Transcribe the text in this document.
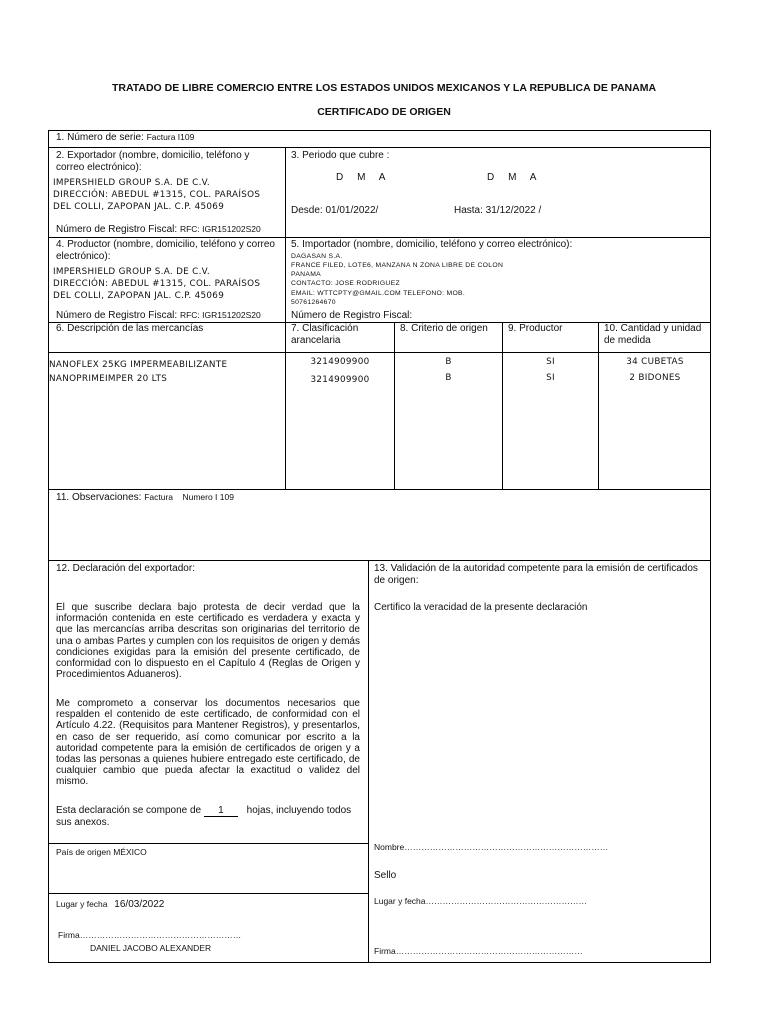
TRATADO DE LIBRE COMERCIO ENTRE LOS ESTADOS UNIDOS MEXICANOS Y LA REPUBLICA DE PANAMA
CERTIFICADO DE ORIGEN
1. Número de serie: Factura I109
2. Exportador (nombre, domicilio, teléfono y
correo electrónico):
IMPERSHIELD GROUP S.A. DE C.V.
DIRECCIÓN: ABEDUL #1315, COL. PARAÍSOS
DEL COLLI, ZAPOPAN JAL. C.P. 45069
Número de Registro Fiscal: RFC: IGR151202S20
3. Periodo que cubre :
D     M     A	D     M     A
Desde: 01/01/2022/	Hasta: 31/12/2022 /
4. Productor (nombre, domicilio, teléfono y correo
electrónico):
IMPERSHIELD GROUP S.A. DE C.V.
DIRECCIÓN: ABEDUL #1315, COL. PARAÍSOS
DEL COLLI, ZAPOPAN JAL. C.P. 45069
Número de Registro Fiscal: RFC: IGR151202S20
5. Importador (nombre, domicilio, teléfono y correo electrónico):
DAGASAN S.A.
FRANCE FILED, LOTE6, MANZANA N ZONA LIBRE DE COLON
PANAMA
CONTACTO: JOSE RODRIGUEZ
EMAIL: WTTCPTY@GMAIL.COM TELEFONO: MOB.
50761264670
Número de Registro Fiscal:
6. Descripción de las mercancías	7. Clasificación
arancelaria
8. Criterio de origen 9. Productor	10. Cantidad y unidad
de medida
NANOFLEX 25KG IMPERMEABILIZANTE	3214909900	B	SI	34 CUBETAS
NANOPRIMEIMPER 20 LTS	3214909900	B	SI	2 BIDONES
11. Observaciones: Factura    Numero I 109
12. Declaración del exportador:
El que suscribe declara bajo protesta de decir verdad que la información contenida en este certificado es verdadera y exacta y que las mercancías arriba descritas son originarias del territorio de una o ambas Partes y cumplen con los requisitos de origen y demás condiciones exigidas para la emisión del presente certificado, de conformidad con lo dispuesto en el Capítulo 4 (Reglas de Origen y Procedimientos Aduaneros).
Me comprometo a conservar los documentos necesarios que respalden el contenido de este certificado, de conformidad con el Artículo 4.22. (Requisitos para Mantener Registros), y presentarlos, en caso de ser requerido, así como comunicar por escrito a la autoridad competente para la emisión de certificados de origen y a todas las personas a quienes hubiere entregado este certificado, de cualquier cambio que pueda afectar la exactitud o validez del mismo.
Esta declaración se compone de 1 hojas, incluyendo todos
sus anexos.
País de origen MÉXICO
Lugar y fecha 16/03/2022
Firma…………………………………………………
DANIEL JACOBO ALEXANDER
13. Validación de la autoridad competente para la emisión de certificados
de origen:
Certifico la veracidad de la presente declaración
Nombre………………………………………………………………
Sello
Lugar y fecha…………………………………………………
Firma…………………………………………………………
